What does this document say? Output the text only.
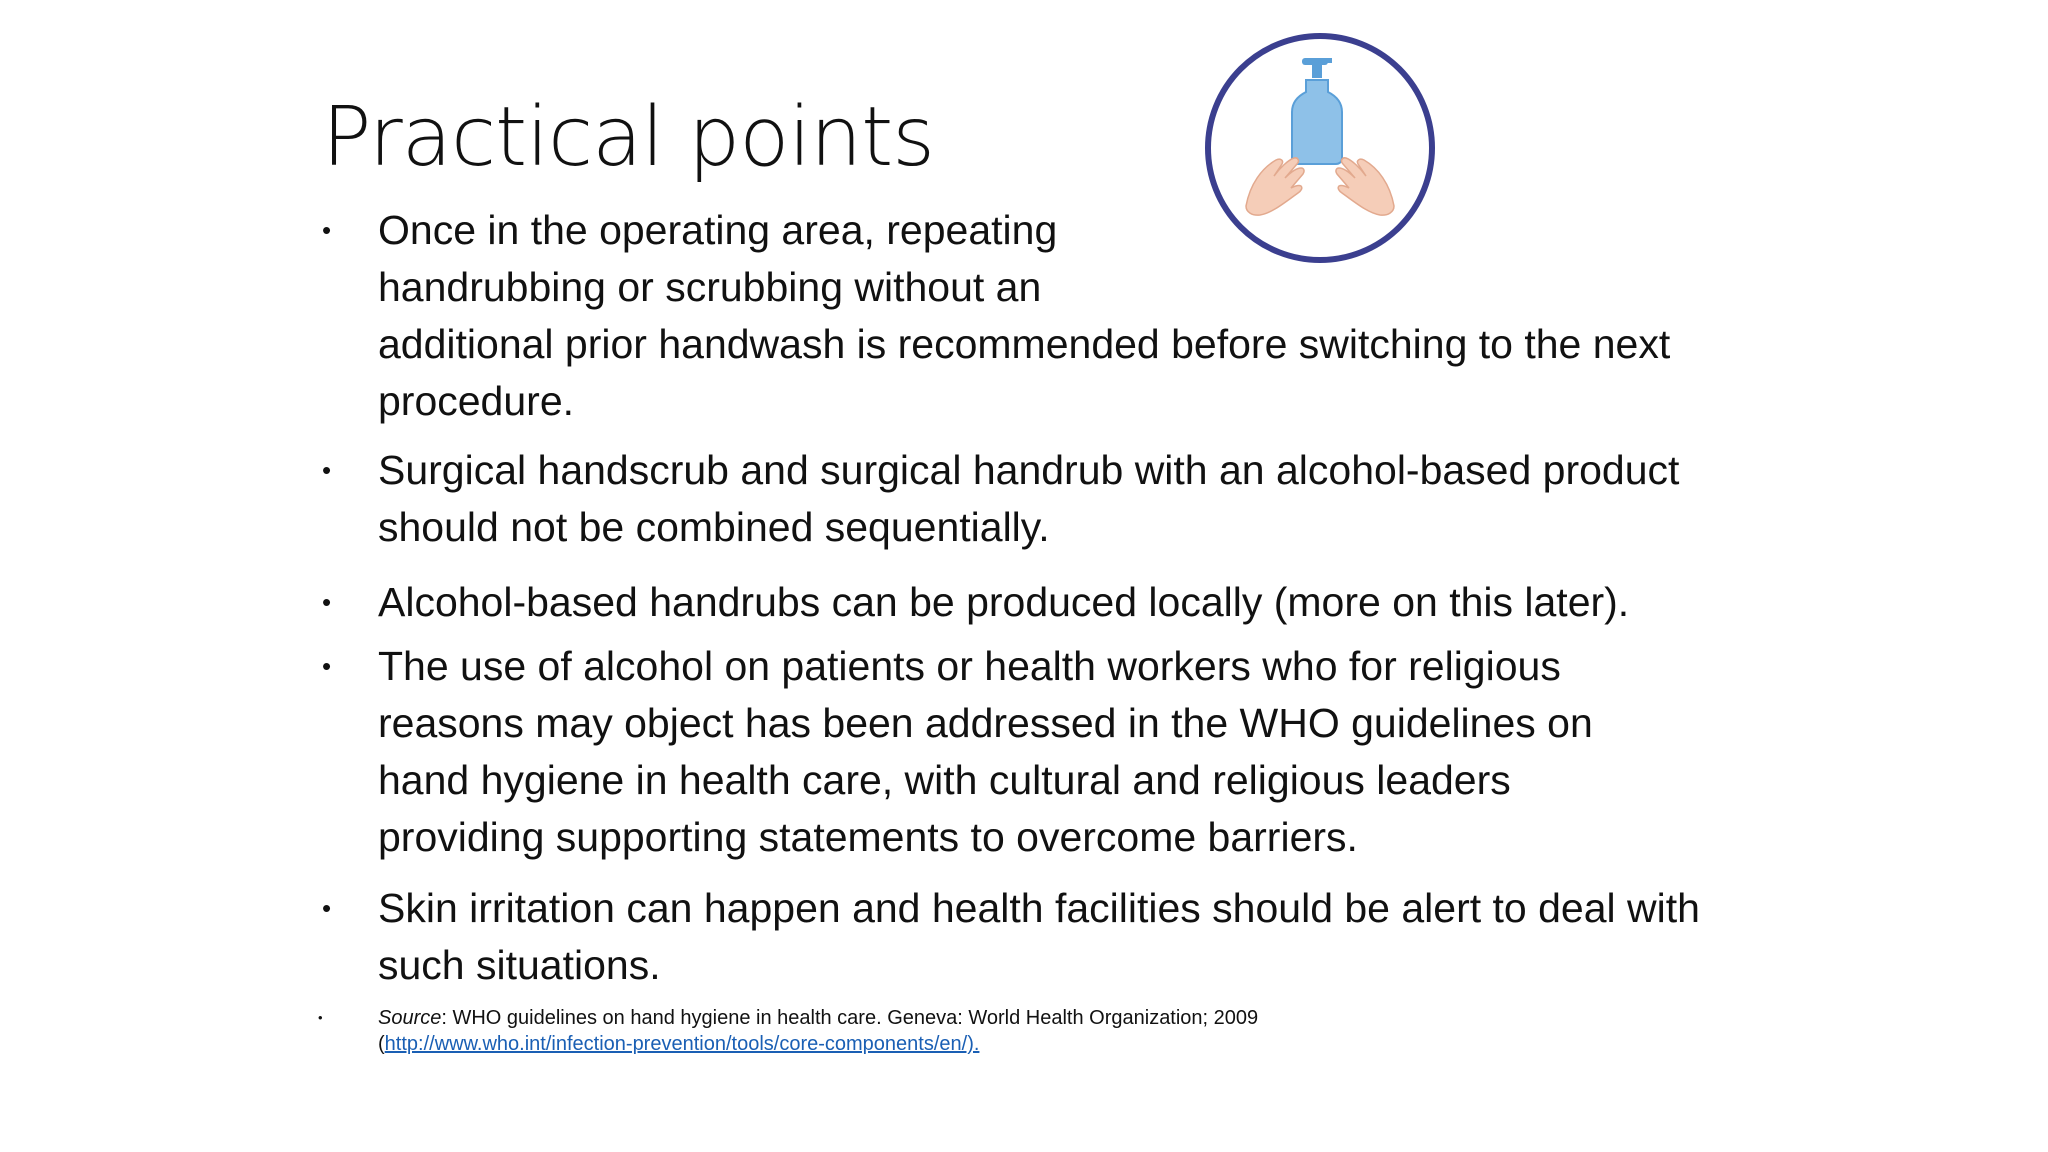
Practical points
• Once in the operating area, repeating handrubbing or scrubbing without an
additional prior handwash is recommended before switching to the next procedure.
• Surgical handscrub and surgical handrub with an alcohol-based product should not be combined sequentially.
• Alcohol-based handrubs can be produced locally (more on this later).
• The use of alcohol on patients or health workers who for religious reasons may object has been addressed in the WHO guidelines on hand hygiene in health care, with cultural and religious leaders providing supporting statements to overcome barriers.
• Skin irritation can happen and health facilities should be alert to deal with such situations.
•	Source: WHO guidelines on hand hygiene in health care. Geneva: World Health Organization; 2009 (http://www.who.int/infection-prevention/tools/core-components/en/).
